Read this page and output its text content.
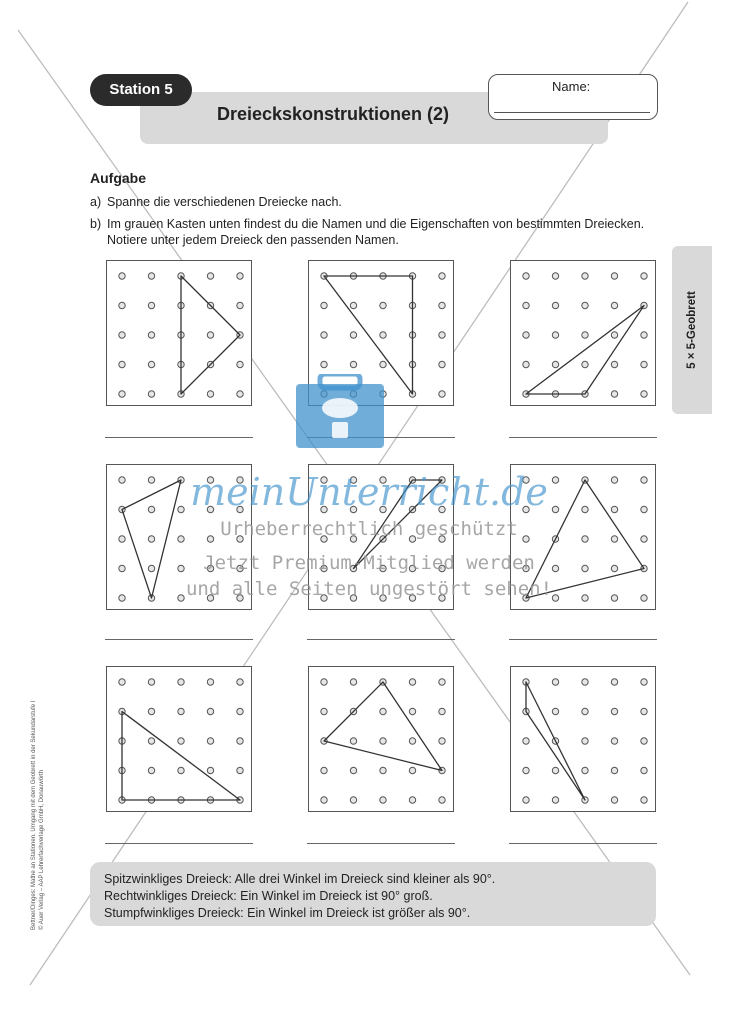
Station 5
Dreieckskonstruktionen (2)
Name:
Aufgabe
a) Spanne die verschiedenen Dreiecke nach.
b) Im grauen Kasten unten findest du die Namen und die Eigenschaften von bestimmten Dreiecken.
Notiere unter jedem Dreieck den passenden Namen.
5 × 5-Geobrett
meinUnterricht.de
Urheberrechtlich geschützt
Jetzt Premium-Mitglied werden
und alle Seiten ungestört sehen!
Spitzwinkliges Dreieck: Alle drei Winkel im Dreieck sind kleiner als 90°.
Rechtwinkliges Dreieck: Ein Winkel im Dreieck ist 90° groß.
Stumpfwinkliges Dreieck: Ein Winkel im Dreieck ist größer als 90°.
Bettner/Dinges: Mathe an Stationen. Umgang mit dem Geobrett in der Sekundarstufe I © Auer Verlag – AAP Lehrerfachverlage GmbH, Donauwörth
